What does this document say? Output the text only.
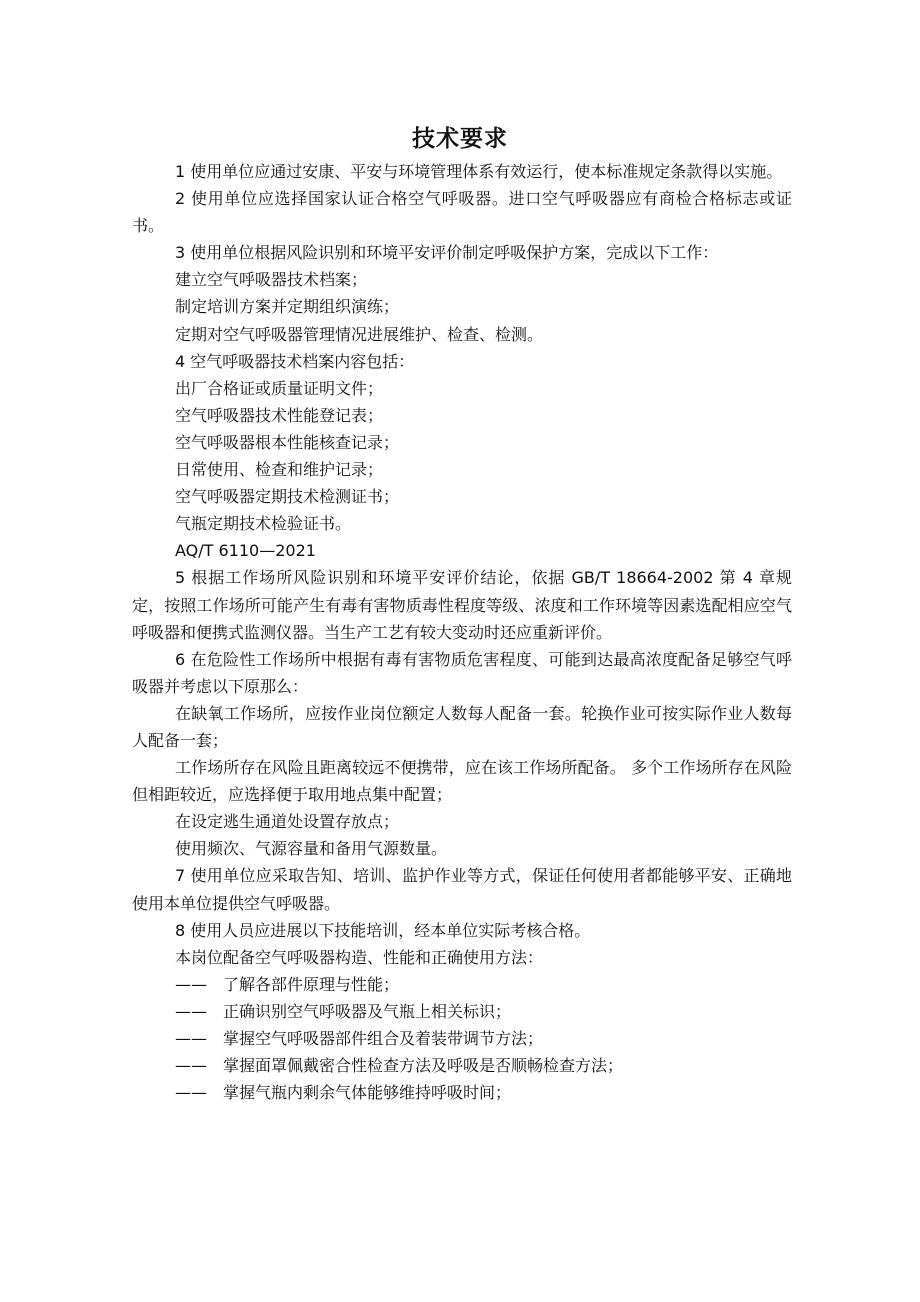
技术要求

1 使用单位应通过安康、平安与环境管理体系有效运行，使本标准规定条款得以实施。

2 使用单位应选择国家认证合格空气呼吸器。进口空气呼吸器应有商检合格标志或证书。

3 使用单位根据风险识别和环境平安评价制定呼吸保护方案，完成以下工作：

建立空气呼吸器技术档案；

制定培训方案并定期组织演练；

定期对空气呼吸器管理情况进展维护、检查、检测。

4 空气呼吸器技术档案内容包括：

出厂合格证或质量证明文件；

空气呼吸器技术性能登记表；

空气呼吸器根本性能核查记录；

日常使用、检查和维护记录；

空气呼吸器定期技术检测证书；

气瓶定期技术检验证书。

AQ/T 6110—2021

5 根据工作场所风险识别和环境平安评价结论，依据 GB/T 18664-2002 第 4 章规定，按照工作场所可能产生有毒有害物质毒性程度等级、浓度和工作环境等因素选配相应空气呼吸器和便携式监测仪器。当生产工艺有较大变动时还应重新评价。

6 在危险性工作场所中根据有毒有害物质危害程度、可能到达最高浓度配备足够空气呼吸器并考虑以下原那么：

在缺氧工作场所，应按作业岗位额定人数每人配备一套。轮换作业可按实际作业人数每人配备一套；

工作场所存在风险且距离较远不便携带，应在该工作场所配备。 多个工作场所存在风险但相距较近，应选择便于取用地点集中配置；

在设定逃生通道处设置存放点；

使用频次、气源容量和备用气源数量。

7 使用单位应采取告知、培训、监护作业等方式，保证任何使用者都能够平安、正确地使用本单位提供空气呼吸器。

8 使用人员应进展以下技能培训，经本单位实际考核合格。

本岗位配备空气呼吸器构造、性能和正确使用方法：

—— 了解各部件原理与性能；

—— 正确识别空气呼吸器及气瓶上相关标识；

—— 掌握空气呼吸器部件组合及着装带调节方法；

—— 掌握面罩佩戴密合性检查方法及呼吸是否顺畅检查方法；

—— 掌握气瓶内剩余气体能够维持呼吸时间；
